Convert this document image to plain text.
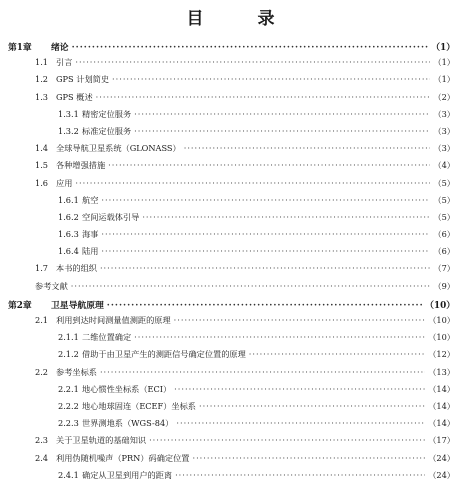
目 录
第1章	绪论 ·····	（1）
1.1 引言 ·····	（1）
1.2 GPS 计划简史 ·····	（1）
1.3 GPS 概述 ·····	（2）
1.3.1 精密定位服务 ·····	（3）
1.3.2 标准定位服务 ·····	（3）
1.4 全球导航卫星系统（GLONASS） ·····	（3）
1.5 各种增强措施 ·····	（4）
1.6 应用 ·····	（5）
1.6.1 航空 ·····	（5）
1.6.2 空间运载体引导 ·····	（5）
1.6.3 海事 ·····	（6）
1.6.4 陆用 ·····	（6）
1.7 本书的组织 ·····	（7）
参考文献 ·····	（9）
第2章	卫星导航原理 ·····	（10）
2.1 利用到达时间测量值测距的原理 ·····	（10）
2.1.1 二维位置确定 ·····	（10）
2.1.2 借助于由卫星产生的测距信号确定位置的原理 ·····	（12）
2.2 参考坐标系 ·····	（13）
2.2.1 地心惯性坐标系（ECI） ·····	（14）
2.2.2 地心地球固连（ECEF）坐标系 ·····	（14）
2.2.3 世界测地系（WGS-84） ·····	（14）
2.3 关于卫星轨道的基础知识 ·····	（17）
2.4 利用伪随机噪声（PRN）码确定位置 ·····	（24）
2.4.1 确定从卫星到用户的距离 ·····	（24）
